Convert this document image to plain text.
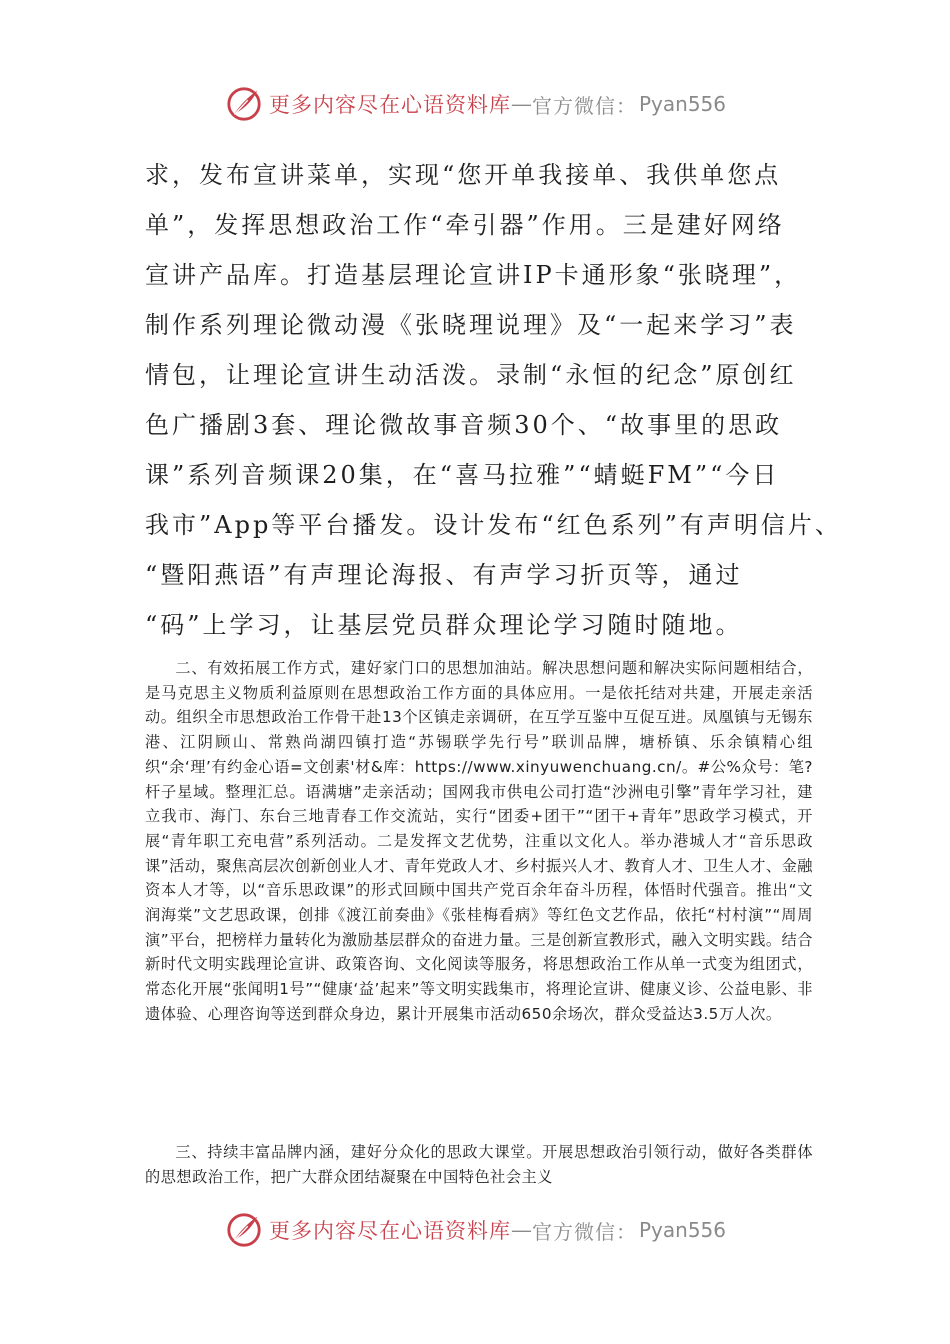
更多内容尽在心语资料库 — 官方微信： Pyan556
求，发布宣讲菜单，实现“您开单我接单、我供单您点
单”，发挥思想政治工作“牵引器”作用。三是建好网络
宣讲产品库。打造基层理论宣讲IP卡通形象“张晓理”，
制作系列理论微动漫《张晓理说理》及“一起来学习”表
情包，让理论宣讲生动活泼。录制“永恒的纪念”原创红
色广播剧3套、理论微故事音频30个、“故事里的思政
课”系列音频课20集，在“喜马拉雅”“蜻蜓FM”“今日
我市”App等平台播发。设计发布“红色系列”有声明信片、
“暨阳燕语”有声理论海报、有声学习折页等，通过
“码”上学习，让基层党员群众理论学习随时随地。

二、有效拓展工作方式，建好家门口的思想加油站。解决思想问题和解决实际问题相结合，是马克思主义物质利益原则在思想政治工作方面的具体应用。一是依托结对共建，开展走亲活动。组织全市思想政治工作骨干赴13个区镇走亲调研，在互学互鉴中互促互进。凤凰镇与无锡东港、江阴顾山、常熟尚湖四镇打造“苏锡联学先行号”联训品牌，塘桥镇、乐余镇精心组织“余‘理’有约金心语=文创素'材&库：https://www.xinyuwenchuang.cn/。#公%众号：笔?杆子星域。整理汇总。语满塘”走亲活动；国网我市供电公司打造“沙洲电引擎”青年学习社，建立我市、海门、东台三地青春工作交流站，实行“团委+团干”“团干+青年”思政学习模式，开展“青年职工充电营”系列活动。二是发挥文艺优势，注重以文化人。举办港城人才“音乐思政课”活动，聚焦高层次创新创业人才、青年党政人才、乡村振兴人才、教育人才、卫生人才、金融资本人才等，以“音乐思政课”的形式回顾中国共产党百余年奋斗历程，体悟时代强音。推出“文润海棠”文艺思政课，创排《渡江前奏曲》《张桂梅看病》等红色文艺作品，依托“村村演”“周周演”平台，把榜样力量转化为激励基层群众的奋进力量。三是创新宣教形式，融入文明实践。结合新时代文明实践理论宣讲、政策咨询、文化阅读等服务，将思想政治工作从单一式变为组团式，常态化开展“张闻明1号”“健康‘益’起来”等文明实践集市，将理论宣讲、健康义诊、公益电影、非遗体验、心理咨询等送到群众身边，累计开展集市活动650余场次，群众受益达3.5万人次。

三、持续丰富品牌内涵，建好分众化的思政大课堂。开展思想政治引领行动，做好各类群体的思想政治工作，把广大群众团结凝聚在中国特色社会主义

更多内容尽在心语资料库 — 官方微信： Pyan556
